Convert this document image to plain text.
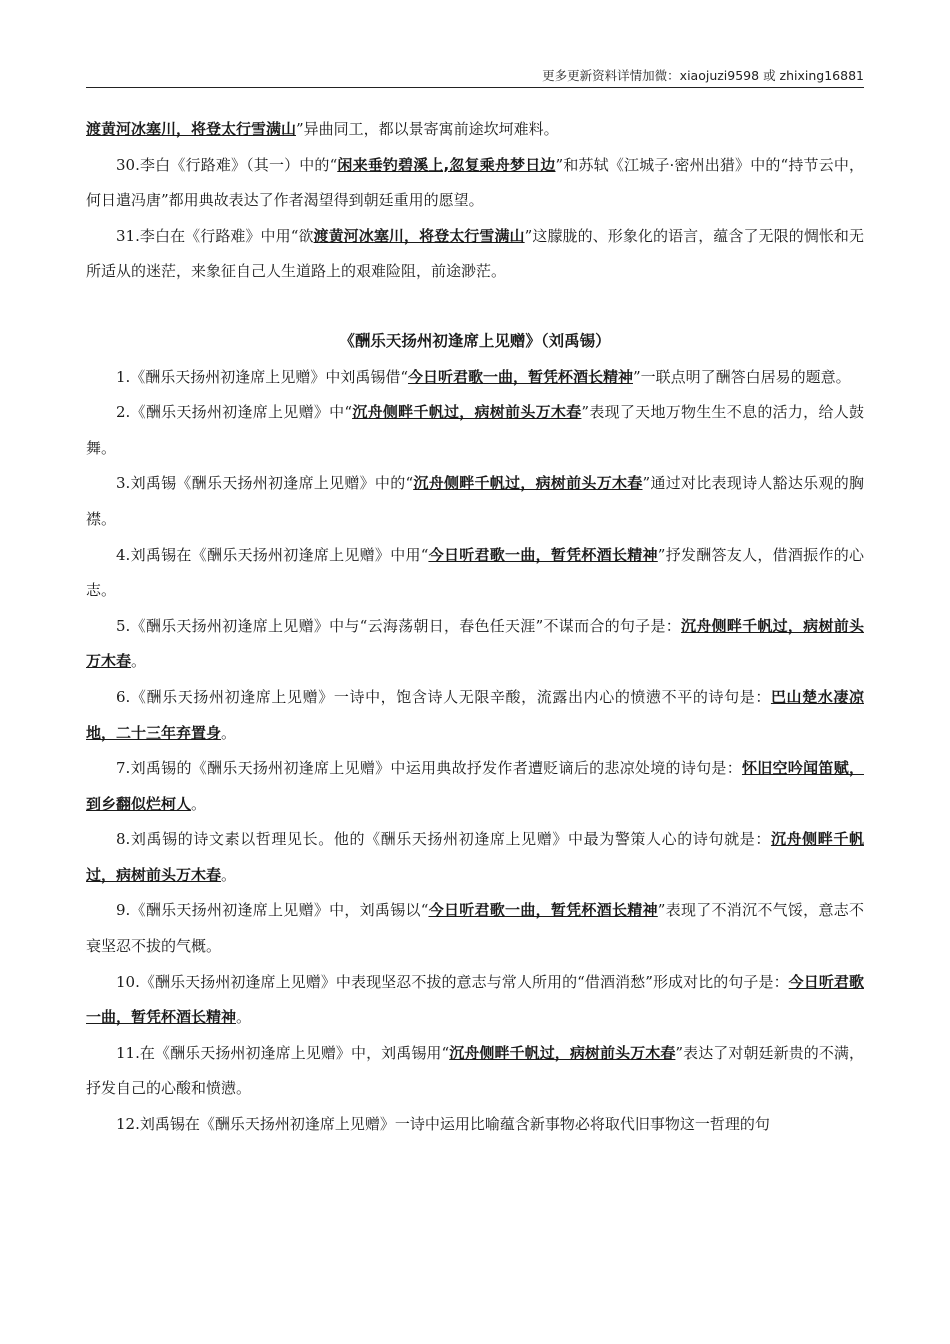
更多更新资料详情加微：xiaojuzi9598 或 zhixing16881

渡黄河冰塞川，将登太行雪满山”异曲同工，都以景寄寓前途坎坷难料。

30.李白《行路难》（其一）中的“闲来垂钓碧溪上,忽复乘舟梦日边”和苏轼《江城子·密州出猎》中的“持节云中，何日遣冯唐”都用典故表达了作者渴望得到朝廷重用的愿望。

31.李白在《行路难》中用“欲渡黄河冰塞川，将登太行雪满山”这朦胧的、形象化的语言，蕴含了无限的惆怅和无所适从的迷茫，来象征自己人生道路上的艰难险阻，前途渺茫。

《酬乐天扬州初逢席上见赠》（刘禹锡）

1.《酬乐天扬州初逢席上见赠》中刘禹锡借“今日听君歌一曲，暂凭杯酒长精神”一联点明了酬答白居易的题意。

2.《酬乐天扬州初逢席上见赠》中“沉舟侧畔千帆过，病树前头万木春”表现了天地万物生生不息的活力，给人鼓舞。

3.刘禹锡《酬乐天扬州初逢席上见赠》中的“沉舟侧畔千帆过，病树前头万木春”通过对比表现诗人豁达乐观的胸襟。

4.刘禹锡在《酬乐天扬州初逢席上见赠》中用“今日听君歌一曲，暂凭杯酒长精神”抒发酬答友人，借酒振作的心志。

5.《酬乐天扬州初逢席上见赠》中与“云海荡朝日，春色任天涯”不谋而合的句子是：沉舟侧畔千帆过，病树前头万木春。

6.《酬乐天扬州初逢席上见赠》一诗中，饱含诗人无限辛酸，流露出内心的愤懑不平的诗句是：巴山楚水凄凉地，二十三年弃置身。

7.刘禹锡的《酬乐天扬州初逢席上见赠》中运用典故抒发作者遭贬谪后的悲凉处境的诗句是：怀旧空吟闻笛赋，到乡翻似烂柯人。

8.刘禹锡的诗文素以哲理见长。他的《酬乐天扬州初逢席上见赠》中最为警策人心的诗句就是：沉舟侧畔千帆过，病树前头万木春。

9.《酬乐天扬州初逢席上见赠》中，刘禹锡以“今日听君歌一曲，暂凭杯酒长精神”表现了不消沉不气馁，意志不衰坚忍不拔的气概。

10.《酬乐天扬州初逢席上见赠》中表现坚忍不拔的意志与常人所用的“借酒消愁”形成对比的句子是：今日听君歌一曲，暂凭杯酒长精神。

11.在《酬乐天扬州初逢席上见赠》中，刘禹锡用“沉舟侧畔千帆过，病树前头万木春”表达了对朝廷新贵的不满，抒发自己的心酸和愤懑。

12.刘禹锡在《酬乐天扬州初逢席上见赠》一诗中运用比喻蕴含新事物必将取代旧事物这一哲理的句
